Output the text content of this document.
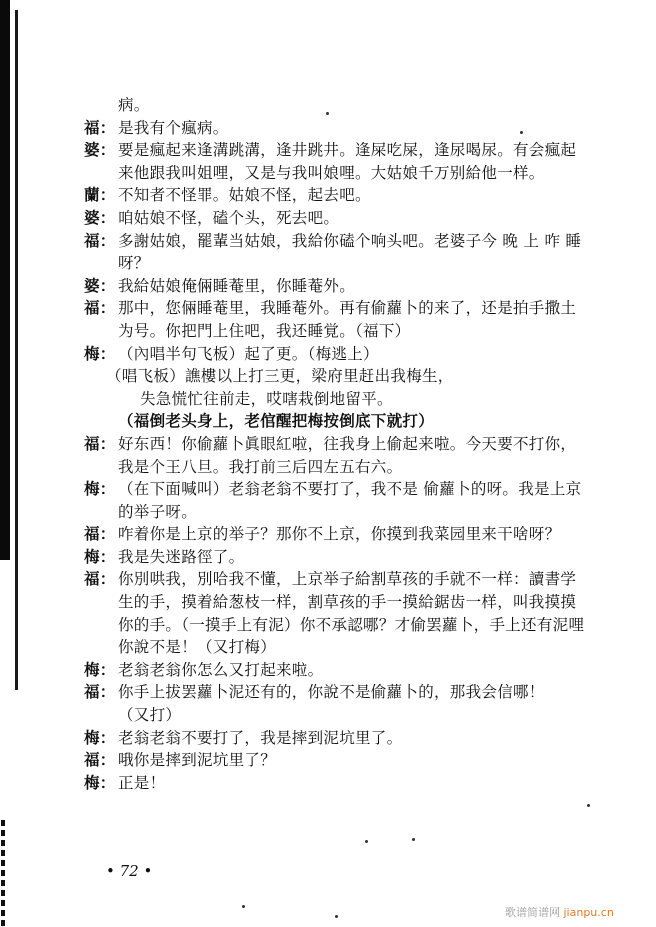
病。
福： 是我有个瘋病。
婆： 要是瘋起来逢溝跳溝，逢井跳井。逢屎吃屎，逢尿喝尿。有会瘋起
来他跟我叫姐哩，又是与我叫娘哩。大姑娘千万别給他一样。
蘭： 不知者不怪罪。姑娘不怪，起去吧。
婆： 咱姑娘不怪，磕个头，死去吧。
福： 多謝姑娘，罷輩当姑娘，我給你磕个响头吧。老婆子今 晚 上 咋 睡
呀？
婆： 我給姑娘俺倆睡菴里，你睡菴外。
福： 那中，您倆睡菴里，我睡菴外。再有偷蘿卜的来了，还是拍手撒土
为号。你把門上住吧，我还睡覚。（福下）
梅： （內唱半句飞板）起了更。（梅逃上）
（唱飞板）譙樓以上打三更，梁府里赶出我梅生，
失急慌忙往前走，哎嗐栽倒地留平。
（福倒老头身上，老倌醒把梅按倒底下就打）
福： 好东西！你偷蘿卜眞眼紅啦，往我身上偷起来啦。今天要不打你，
我是个王八旦。我打前三后四左五右六。
梅： （在下面喊叫）老翁老翁不要打了，我不是 偷蘿卜的呀。我是上京
的举子呀。
福： 咋着你是上京的举子？那你不上京，你摸到我菜园里来干啥呀？
梅： 我是失迷路徑了。
福： 你別哄我，別哈我不懂，上京举子給割草孩的手就不一样：讀書学
生的手，摸着給葱枝一样，割草孩的手一摸給鋸齿一样，叫我摸摸
你的手。（一摸手上有泥）你不承認哪？才偷罢蘿卜，手上还有泥哩
你說不是！（又打梅）
梅： 老翁老翁你怎么又打起来啦。
福： 你手上拔罢蘿卜泥还有的，你說不是偷蘿卜的，那我会信哪！
（又打）
梅： 老翁老翁不要打了，我是摔到泥坑里了。
福： 哦你是摔到泥坑里了？
梅： 正是！
• 72 •
歌谱简谱网 jianpu.cn
